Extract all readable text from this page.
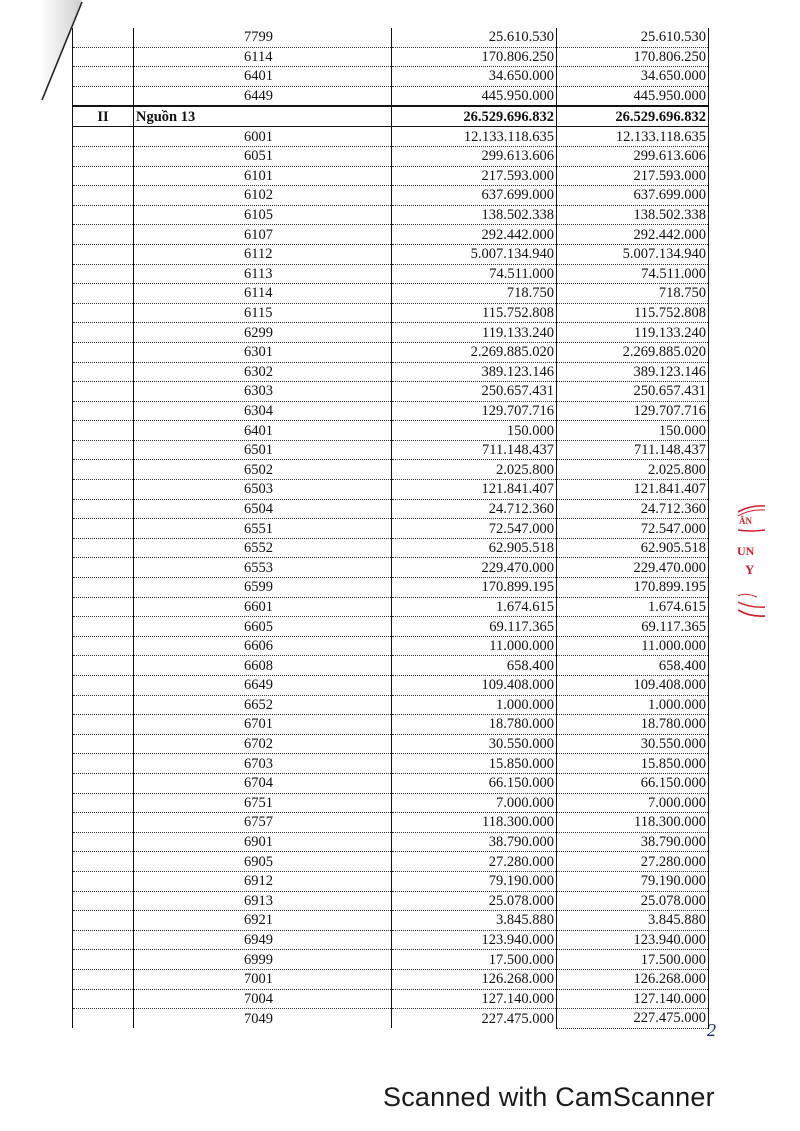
	7799	25.610.530	25.610.530
	6114	170.806.250	170.806.250
	6401	34.650.000	34.650.000
	6449	445.950.000	445.950.000
II	Nguồn 13	26.529.696.832	26.529.696.832
	6001	12.133.118.635	12.133.118.635
	6051	299.613.606	299.613.606
	6101	217.593.000	217.593.000
	6102	637.699.000	637.699.000
	6105	138.502.338	138.502.338
	6107	292.442.000	292.442.000
	6112	5.007.134.940	5.007.134.940
	6113	74.511.000	74.511.000
	6114	718.750	718.750
	6115	115.752.808	115.752.808
	6299	119.133.240	119.133.240
	6301	2.269.885.020	2.269.885.020
	6302	389.123.146	389.123.146
	6303	250.657.431	250.657.431
	6304	129.707.716	129.707.716
	6401	150.000	150.000
	6501	711.148.437	711.148.437
	6502	2.025.800	2.025.800
	6503	121.841.407	121.841.407
	6504	24.712.360	24.712.360
	6551	72.547.000	72.547.000
	6552	62.905.518	62.905.518
	6553	229.470.000	229.470.000
	6599	170.899.195	170.899.195
	6601	1.674.615	1.674.615
	6605	69.117.365	69.117.365
	6606	11.000.000	11.000.000
	6608	658.400	658.400
	6649	109.408.000	109.408.000
	6652	1.000.000	1.000.000
	6701	18.780.000	18.780.000
	6702	30.550.000	30.550.000
	6703	15.850.000	15.850.000
	6704	66.150.000	66.150.000
	6751	7.000.000	7.000.000
	6757	118.300.000	118.300.000
	6901	38.790.000	38.790.000
	6905	27.280.000	27.280.000
	6912	79.190.000	79.190.000
	6913	25.078.000	25.078.000
	6921	3.845.880	3.845.880
	6949	123.940.000	123.940.000
	6999	17.500.000	17.500.000
	7001	126.268.000	126.268.000
	7004	127.140.000	127.140.000
	7049	227.475.000	227.475.000
ÂN
UN
Y
2
Scanned with CamScanner
